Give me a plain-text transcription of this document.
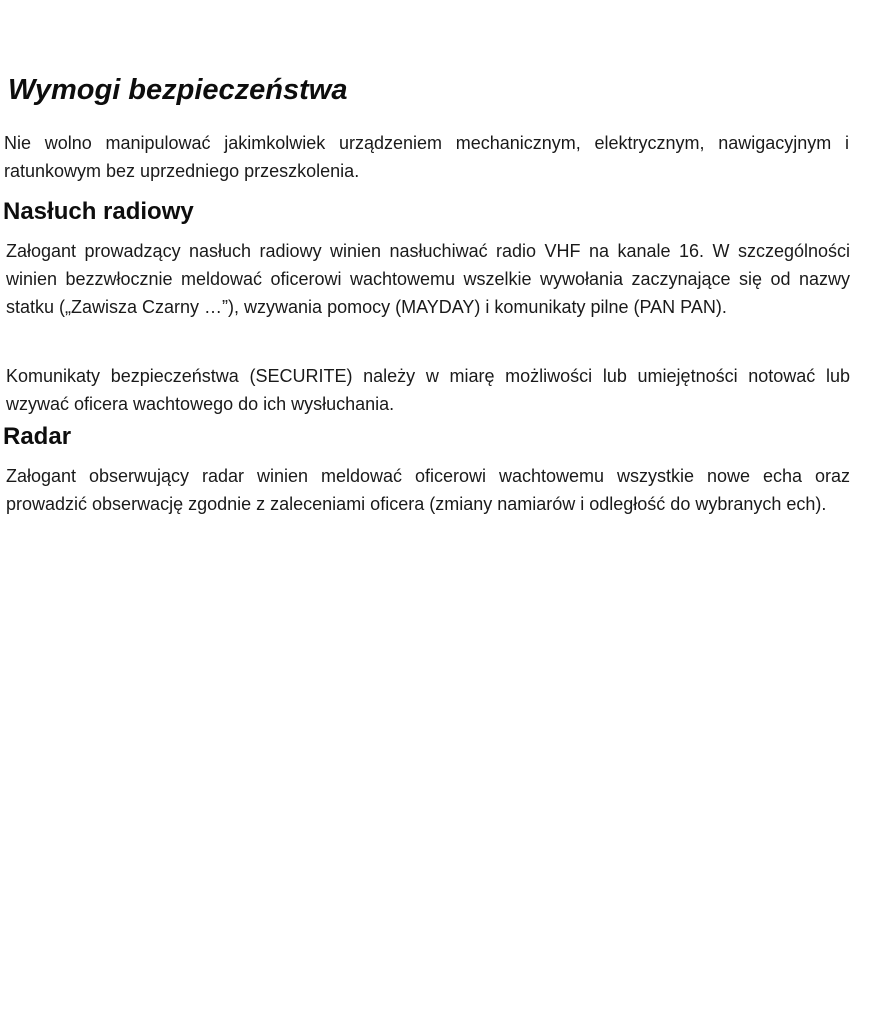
Wymogi bezpieczeństwa

Nie wolno manipulować jakimkolwiek urządzeniem mechanicznym, elektrycznym, nawigacyjnym i ratunkowym bez uprzedniego przeszkolenia.

Nasłuch radiowy

Załogant prowadzący nasłuch radiowy winien nasłuchiwać radio VHF na kanale 16. W szczególności winien bezzwłocznie meldować oficerowi wachtowemu wszelkie wywołania zaczynające się od nazwy statku („Zawisza Czarny …”), wzywania pomocy (MAYDAY) i komunikaty pilne (PAN PAN).

Komunikaty bezpieczeństwa (SECURITE) należy w miarę możliwości lub umiejętności notować lub wzywać oficera wachtowego do ich wysłuchania.

Radar

Załogant obserwujący radar winien meldować oficerowi wachtowemu wszystkie nowe echa oraz prowadzić obserwację zgodnie z zaleceniami oficera (zmiany namiarów i odległość do wybranych ech).
